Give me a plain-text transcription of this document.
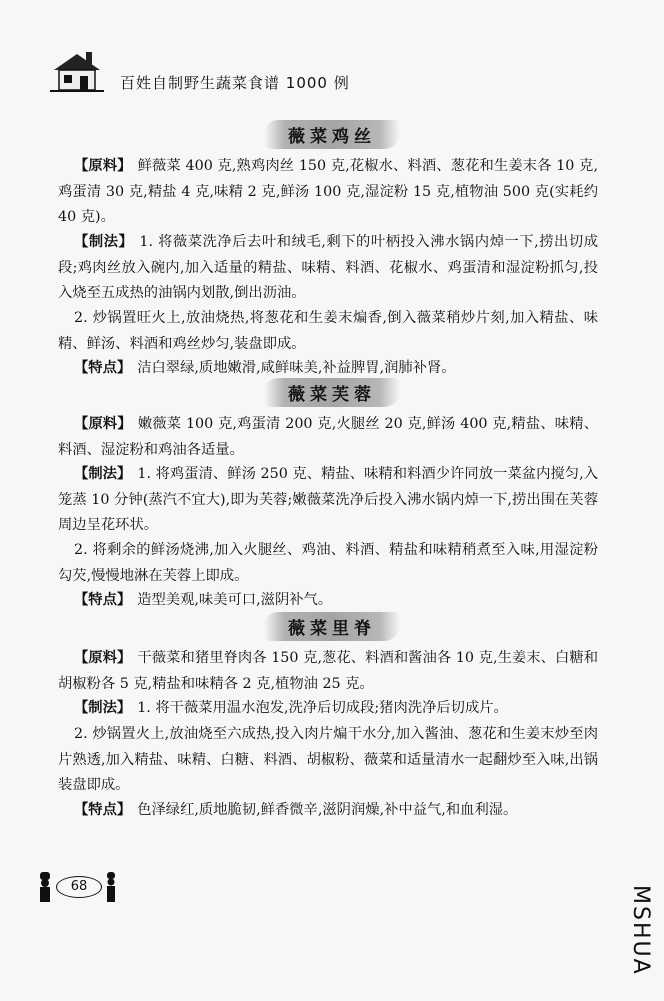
百姓自制野生蔬菜食谱 1000 例
薇菜鸡丝
【原料】 鲜薇菜 400 克,熟鸡肉丝 150 克,花椒水、料酒、葱花和生姜末各 10 克,鸡蛋清 30 克,精盐 4 克,味精 2 克,鲜汤 100 克,湿淀粉 15 克,植物油 500 克(实耗约 40 克)。
【制法】 1. 将薇菜洗净后去叶和绒毛,剩下的叶柄投入沸水锅内焯一下,捞出切成段;鸡肉丝放入碗内,加入适量的精盐、味精、料酒、花椒水、鸡蛋清和湿淀粉抓匀,投入烧至五成热的油锅内划散,倒出沥油。
2. 炒锅置旺火上,放油烧热,将葱花和生姜末煸香,倒入薇菜稍炒片刻,加入精盐、味精、鲜汤、料酒和鸡丝炒匀,装盘即成。
【特点】 洁白翠绿,质地嫩滑,咸鲜味美,补益脾胃,润肺补肾。
薇菜芙蓉
【原料】 嫩薇菜 100 克,鸡蛋清 200 克,火腿丝 20 克,鲜汤 400 克,精盐、味精、料酒、湿淀粉和鸡油各适量。
【制法】 1. 将鸡蛋清、鲜汤 250 克、精盐、味精和料酒少许同放一菜盆内搅匀,入笼蒸 10 分钟(蒸汽不宜大),即为芙蓉;嫩薇菜洗净后投入沸水锅内焯一下,捞出围在芙蓉周边呈花环状。
2. 将剩余的鲜汤烧沸,加入火腿丝、鸡油、料酒、精盐和味精稍煮至入味,用湿淀粉勾芡,慢慢地淋在芙蓉上即成。
【特点】 造型美观,味美可口,滋阴补气。
薇菜里脊
【原料】 干薇菜和猪里脊肉各 150 克,葱花、料酒和酱油各 10 克,生姜末、白糖和胡椒粉各 5 克,精盐和味精各 2 克,植物油 25 克。
【制法】 1. 将干薇菜用温水泡发,洗净后切成段;猪肉洗净后切成片。
2. 炒锅置火上,放油烧至六成热,投入肉片煸干水分,加入酱油、葱花和生姜末炒至肉片熟透,加入精盐、味精、白糖、料酒、胡椒粉、薇菜和适量清水一起翻炒至入味,出锅装盘即成。
【特点】 色泽绿红,质地脆韧,鲜香微辛,滋阴润燥,补中益气,和血利湿。
68	MSHUA
